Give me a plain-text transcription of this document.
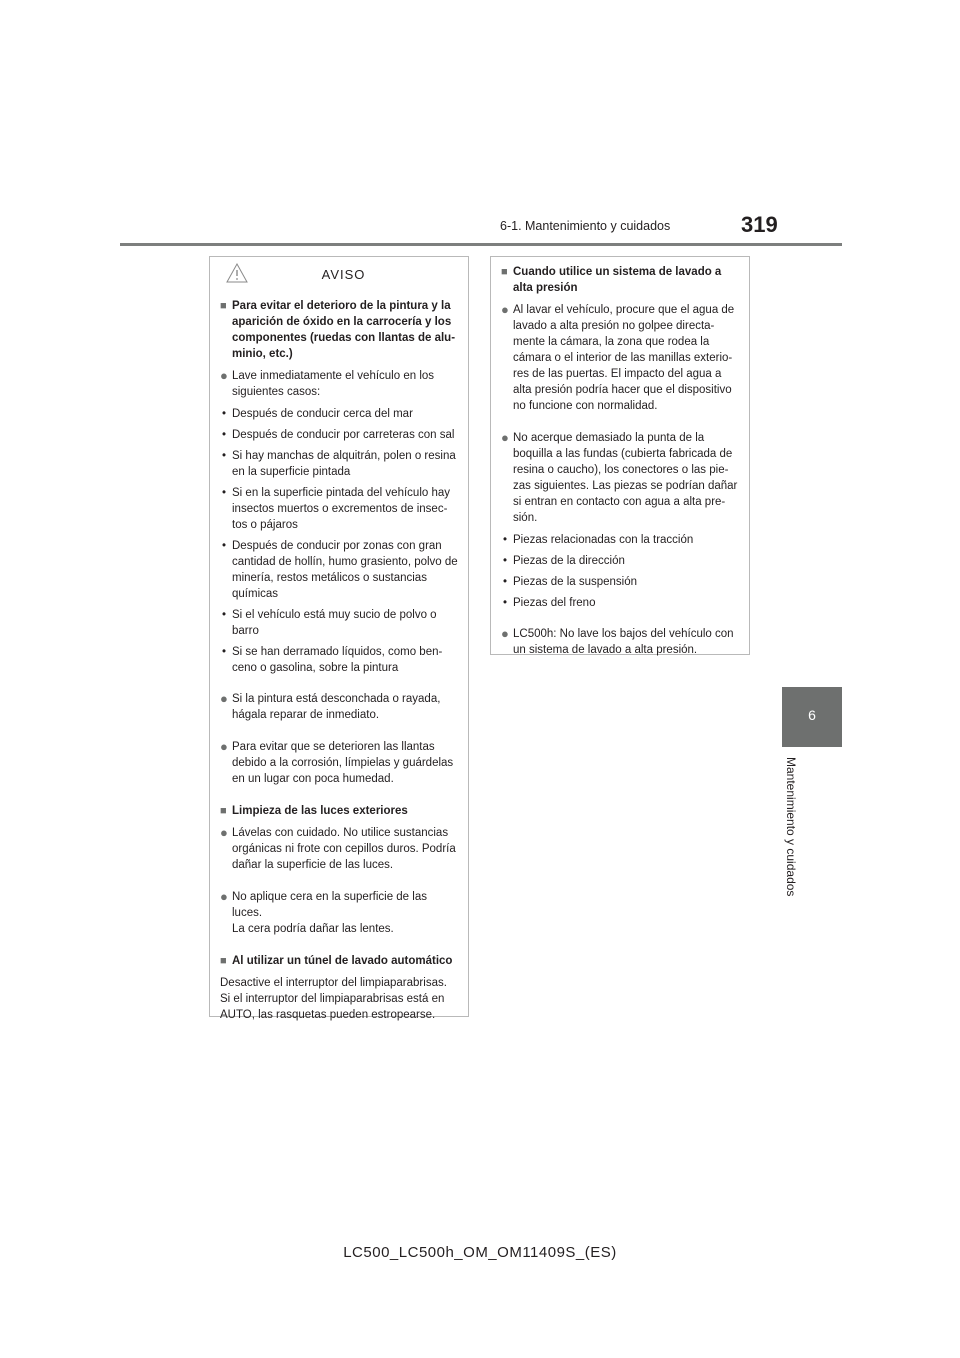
6-1. Mantenimiento y cuidados	319
6
Mantenimiento y cuidados
AVISO
■ Para evitar el deterioro de la pintura y la aparición de óxido en la carrocería y los componentes (ruedas con llantas de alu-minio, etc.)
● Lave inmediatamente el vehículo en los siguientes casos:
• Después de conducir cerca del mar
• Después de conducir por carreteras con sal
• Si hay manchas de alquitrán, polen o resina en la superficie pintada
• Si en la superficie pintada del vehículo hay insectos muertos o excrementos de insec-tos o pájaros
• Después de conducir por zonas con gran cantidad de hollín, humo grasiento, polvo de minería, restos metálicos o sustancias químicas
• Si el vehículo está muy sucio de polvo o barro
• Si se han derramado líquidos, como ben-ceno o gasolina, sobre la pintura
● Si la pintura está desconchada o rayada, hágala reparar de inmediato.
● Para evitar que se deterioren las llantas debido a la corrosión, límpielas y guárdelas en un lugar con poca humedad.
■ Limpieza de las luces exteriores
● Lávelas con cuidado. No utilice sustancias orgánicas ni frote con cepillos duros. Podría dañar la superficie de las luces.
● No aplique cera en la superficie de las luces.
La cera podría dañar las lentes.
■ Al utilizar un túnel de lavado automático
Desactive el interruptor del limpiaparabrisas.
Si el interruptor del limpiaparabrisas está en AUTO, las rasquetas pueden estropearse.
■ Cuando utilice un sistema de lavado a alta presión
● Al lavar el vehículo, procure que el agua de lavado a alta presión no golpee directa-mente la cámara, la zona que rodea la cámara o el interior de las manillas exterio-res de las puertas. El impacto del agua a alta presión podría hacer que el dispositivo no funcione con normalidad.
● No acerque demasiado la punta de la boquilla a las fundas (cubierta fabricada de resina o caucho), los conectores o las pie-zas siguientes. Las piezas se podrían dañar si entran en contacto con agua a alta pre-sión.
• Piezas relacionadas con la tracción
• Piezas de la dirección
• Piezas de la suspensión
• Piezas del freno
● LC500h: No lave los bajos del vehículo con un sistema de lavado a alta presión.
LC500_LC500h_OM_OM11409S_(ES)
